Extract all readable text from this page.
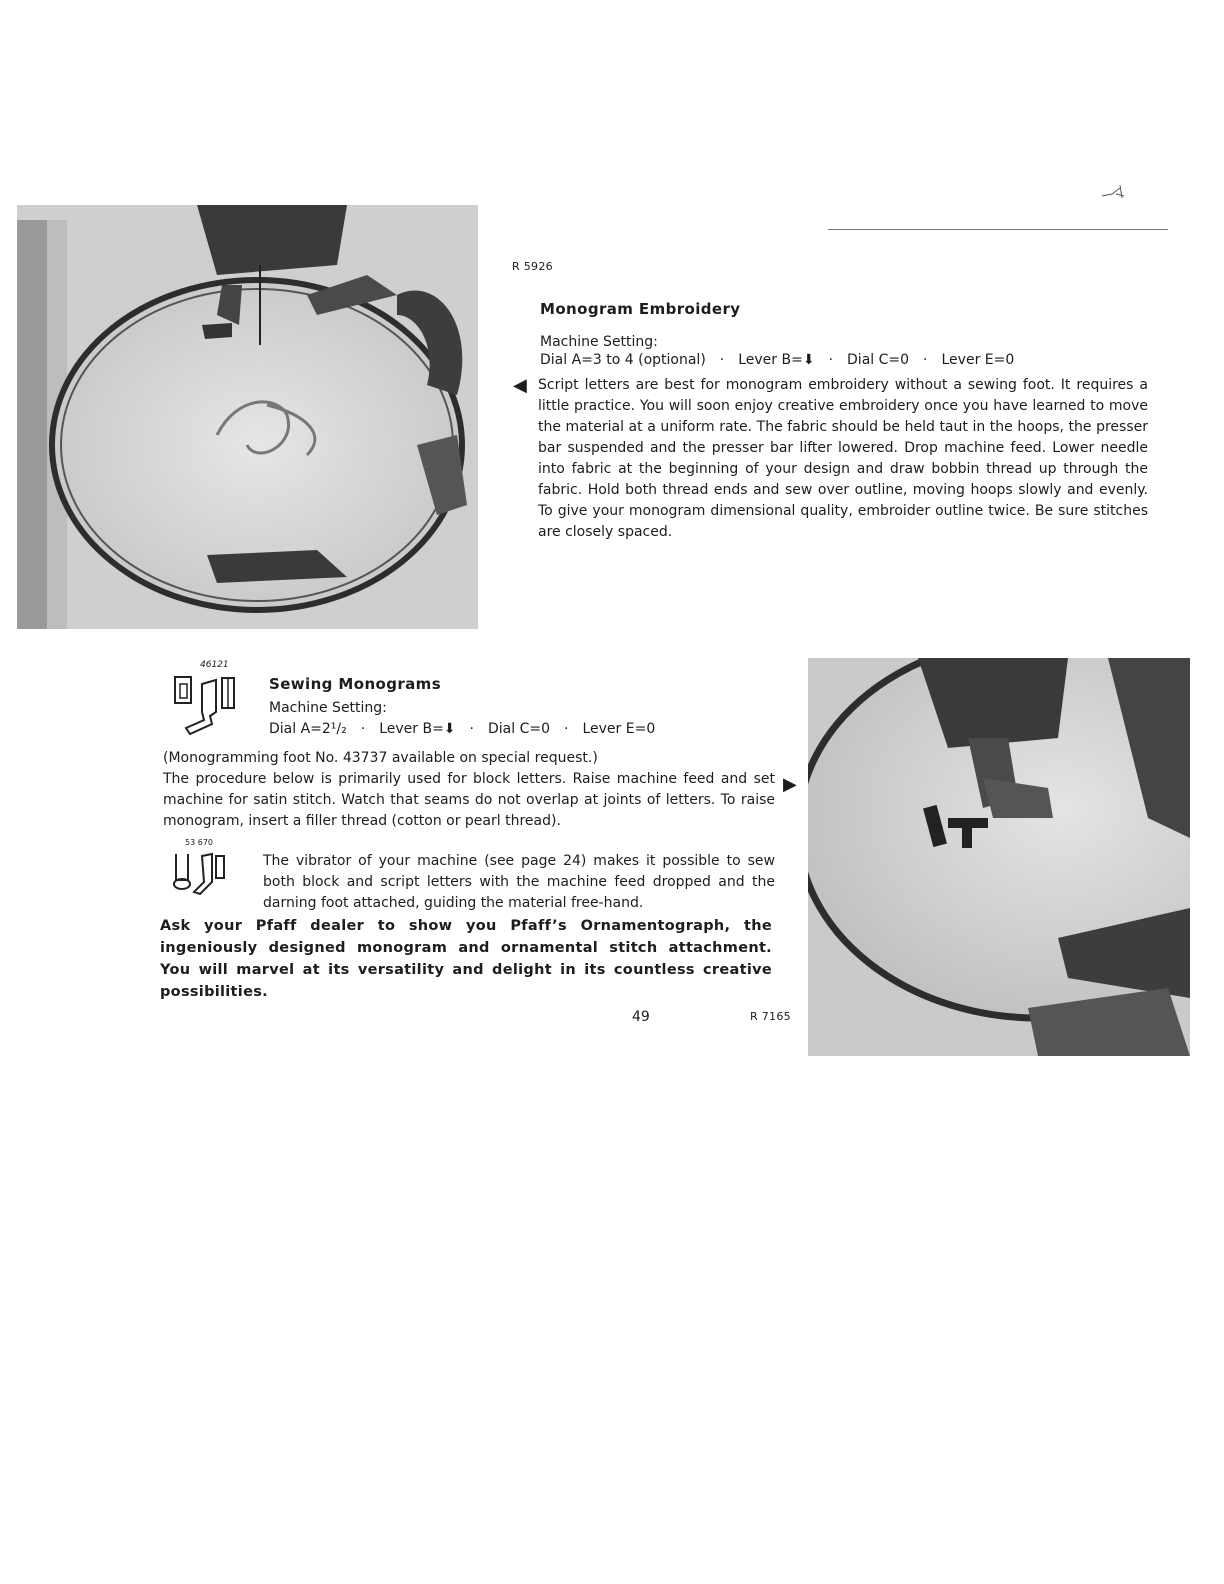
R 5926
Monogram Embroidery
Machine Setting:
Dial A=3 to 4 (optional)	·	Lever B=⬇	·	Dial C=0	·	Lever E=0
◀ Script letters are best for monogram embroidery without a sewing foot. It requires a little practice. You will soon enjoy creative embroidery once you have learned to move the material at a uniform rate. The fabric should be held taut in the hoops, the presser bar suspended and the presser bar lifter lowered. Drop machine feed. Lower needle into fabric at the beginning of your design and draw bobbin thread up through the fabric. Hold both thread ends and sew over outline, moving hoops slowly and evenly. To give your monogram dimensional quality, embroider outline twice. Be sure stitches are closely spaced.
46121
Sewing Monograms
Machine Setting:
Dial A=2¹/₂	·	Lever B=⬇	·	Dial C=0	·	Lever E=0
(Monogramming foot No. 43737 available on special request.)
The procedure below is primarily used for block letters. Raise machine feed and set machine for satin stitch. Watch that seams do not overlap at joints of letters. To raise monogram, insert a filler thread (cotton or pearl thread).
▶
53 670
The vibrator of your machine (see page 24) makes it possible to sew both block and script letters with the machine feed dropped and the darning foot attached, guiding the material free-hand.
Ask your Pfaff dealer to show you Pfaff’s Ornamentograph, the ingeniously designed monogram and ornamental stitch attachment. You will marvel at its versatility and delight in its countless creative possibilities.
49	R 7165
